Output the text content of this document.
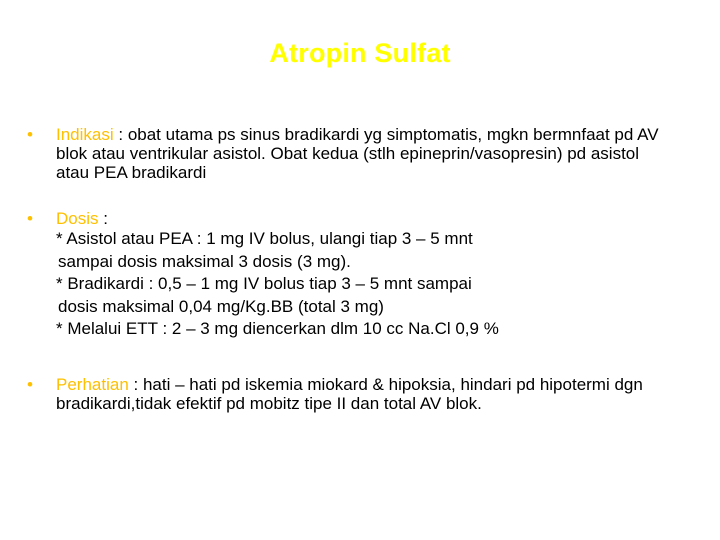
Atropin Sulfat
• Indikasi : obat utama ps sinus bradikardi yg simptomatis, mgkn bermnfaat pd AV blok atau ventrikular asistol. Obat kedua (stlh epineprin/vasopresin) pd asistol atau PEA bradikardi
• Dosis :
* Asistol atau PEA : 1 mg IV bolus, ulangi tiap 3 – 5 mnt
sampai dosis maksimal 3 dosis (3 mg).
* Bradikardi : 0,5 – 1 mg IV bolus tiap 3 – 5 mnt sampai
dosis maksimal 0,04 mg/Kg.BB (total 3 mg)
* Melalui ETT : 2 – 3 mg diencerkan dlm 10 cc Na.Cl 0,9 %
• Perhatian : hati – hati pd iskemia miokard & hipoksia, hindari pd hipotermi dgn bradikardi,tidak efektif pd mobitz tipe II dan total AV blok.
